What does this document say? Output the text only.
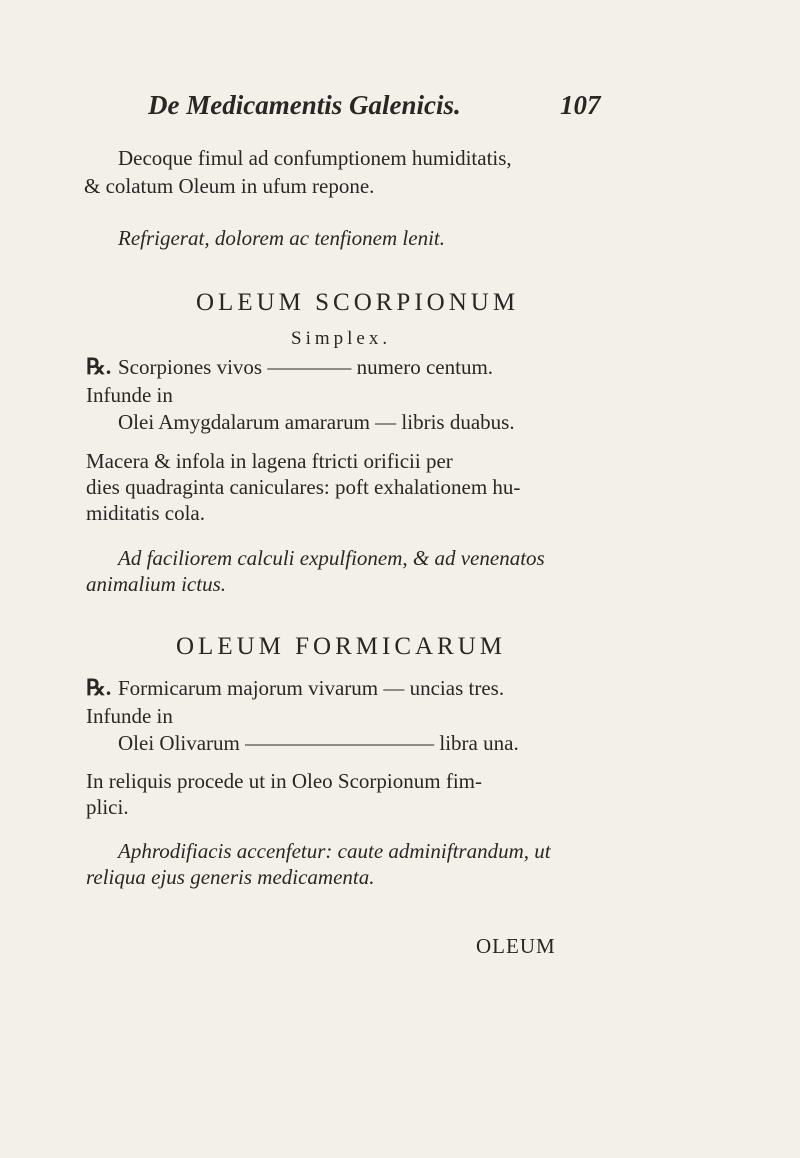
De Medicamentis Galenicis.	107
Decoque fimul ad confumptionem humiditatis,
& colatum Oleum in ufum repone.
Refrigerat, dolorem ac tenfionem lenit.
OLEUM SCORPIONUM
Simplex.
℞. Scorpiones vivos ———— numero centum.
Infunde in
Olei Amygdalarum amararum — libris duabus.
Macera & infola in lagena ftricti orificii per
dies quadraginta caniculares: poft exhalationem hu-
miditatis cola.
Ad faciliorem calculi expulfionem, & ad venenatos
animalium ictus.
OLEUM FORMICARUM
℞. Formicarum majorum vivarum — uncias tres.
Infunde in
Olei Olivarum ————————— libra una.
In reliquis procede ut in Oleo Scorpionum fim-
plici.
Aphrodifiacis accenfetur: caute adminiftrandum, ut
reliqua ejus generis medicamenta.
OLEUM
